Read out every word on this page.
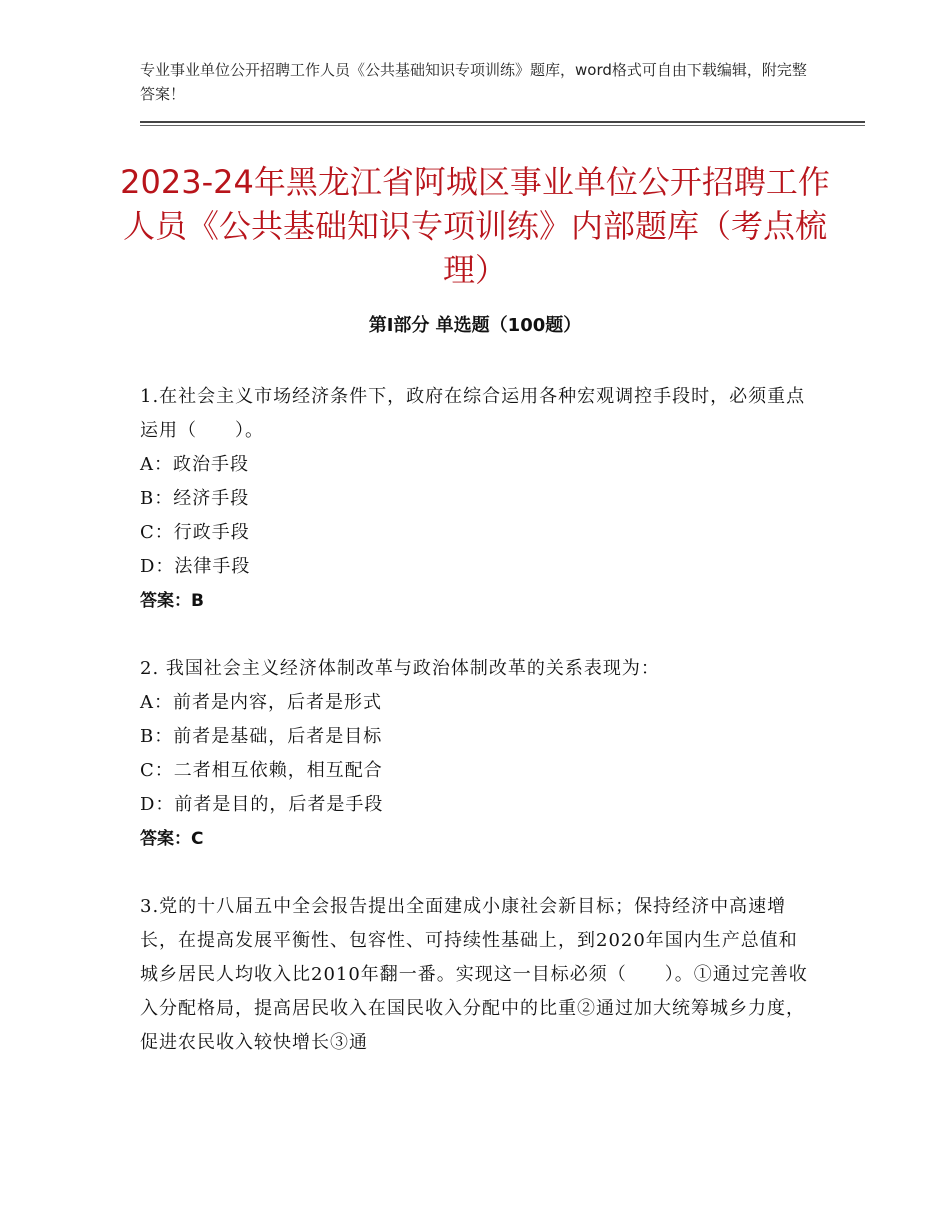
专业事业单位公开招聘工作人员《公共基础知识专项训练》题库，word格式可自由下载编辑，附完整答案！

2023-24年黑龙江省阿城区事业单位公开招聘工作人员《公共基础知识专项训练》内部题库（考点梳理）
第Ⅰ部分 单选题（100题）

1.在社会主义市场经济条件下，政府在综合运用各种宏观调控手段时，必须重点运用（　　）。

A：政治手段

B：经济手段

C：行政手段

D：法律手段

答案：B

2. 我国社会主义经济体制改革与政治体制改革的关系表现为：

A：前者是内容，后者是形式

B：前者是基础，后者是目标

C：二者相互依赖，相互配合

D：前者是目的，后者是手段

答案：C

3.党的十八届五中全会报告提出全面建成小康社会新目标；保持经济中高速增长，在提高发展平衡性、包容性、可持续性基础上，到2020年国内生产总值和城乡居民人均收入比2010年翻一番。实现这一目标必须（　　）。①通过完善收入分配格局，提高居民收入在国民收入分配中的比重②通过加大统筹城乡力度，促进农民收入较快增长③通
